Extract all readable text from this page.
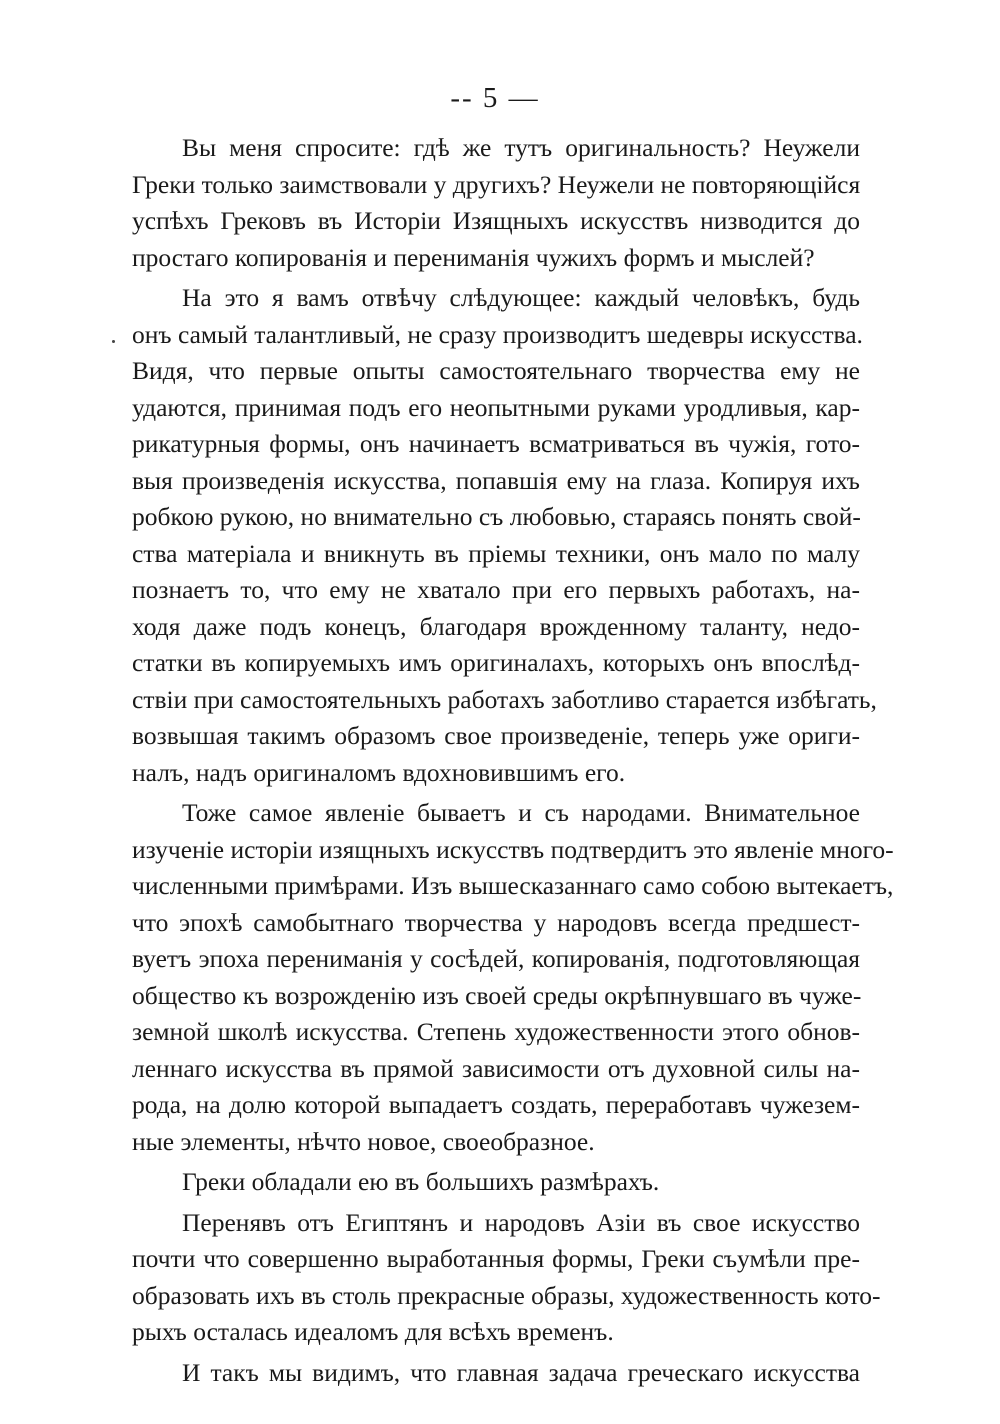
-- 5 —
Вы меня спросите: гдѣ же тутъ оригинальность? Неужели
Греки только заимствовали у другихъ? Неужели не повторяющійся
успѣхъ Грековъ въ Исторіи Изящныхъ искусствъ низводится до
простаго копированія и перениманія чужихъ формъ и мыслей?
На это я вамъ отвѣчу слѣдующее: каждый человѣкъ, будь
онъ самый талантливый, не сразу производитъ шедевры искусства.
Видя, что первые опыты самостоятельнаго творчества ему не
удаются, принимая подъ его неопытными руками уродливыя, кар-
рикатурныя формы, онъ начинаетъ всматриваться въ чужія, гото-
выя произведенія искусства, попавшія ему на глаза. Копируя ихъ
робкою рукою, но внимательно съ любовью, стараясь понять свой-
ства матеріала и вникнуть въ пріемы техники, онъ мало по малу
познаетъ то, что ему не хватало при его первыхъ работахъ, на-
ходя даже подъ конецъ, благодаря врожденному таланту, недо-
статки въ копируемыхъ имъ оригиналахъ, которыхъ онъ впослѣд-
ствіи при самостоятельныхъ работахъ заботливо старается избѣгать,
возвышая такимъ образомъ свое произведеніе, теперь уже ориги-
налъ, надъ оригиналомъ вдохновившимъ его.
Тоже самое явленіе бываетъ и съ народами. Внимательное
изученіе исторіи изящныхъ искусствъ подтвердитъ это явленіе много-
численными примѣрами. Изъ вышесказаннаго само собою вытекаетъ,
что эпохѣ самобытнаго творчества у народовъ всегда предшест-
вуетъ эпоха перениманія у сосѣдей, копированія, подготовляющая
общество къ возрожденію изъ своей среды окрѣпнувшаго въ чуже-
земной школѣ искусства. Степень художественности этого обнов-
леннаго искусства въ прямой зависимости отъ духовной силы на-
рода, на долю которой выпадаетъ создать, переработавъ чужезем-
ные элементы, нѣчто новое, своеобразное.
Греки обладали ею въ большихъ размѣрахъ.
Перенявъ отъ Египтянъ и народовъ Азіи въ свое искусство
почти что совершенно выработанныя формы, Греки съумѣли пре-
образовать ихъ въ столь прекрасные образы, художественность кото-
рыхъ осталась идеаломъ для всѣхъ временъ.
И такъ мы видимъ, что главная задача греческаго искусства
